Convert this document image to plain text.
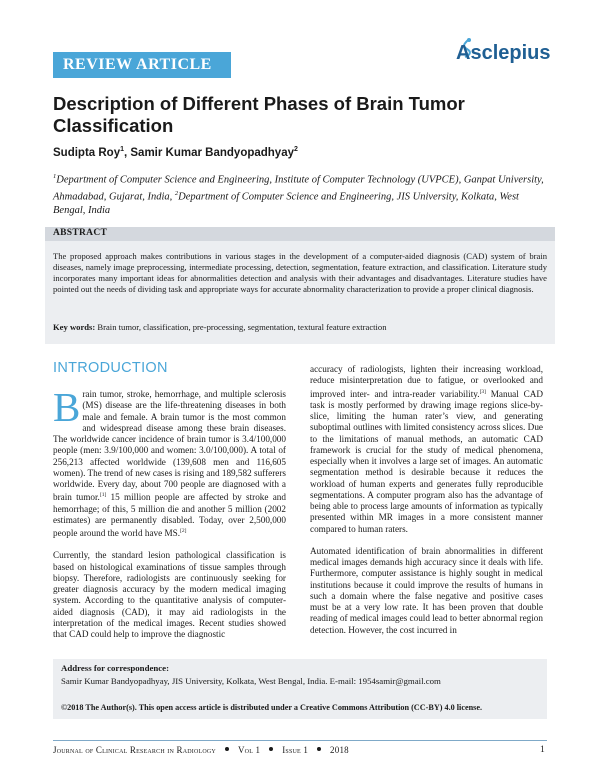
REVIEW ARTICLE
Asclepius
Description of Different Phases of Brain Tumor Classification
Sudipta Roy$^1$, Samir Kumar Bandyopadhyay$^2$
$^1$Department of Computer Science and Engineering, Institute of Computer Technology (UVPCE), Ganpat University, Ahmadabad, Gujarat, India, $^2$Department of Computer Science and Engineering, JIS University, Kolkata, West Bengal, India
ABSTRACT
The proposed approach makes contributions in various stages in the development of a computer-aided diagnosis (CAD) system of brain diseases, namely image preprocessing, intermediate processing, detection, segmentation, feature extraction, and classification. Literature study incorporates many important ideas for abnormalities detection and analysis with their advantages and disadvantages. Literature studies have pointed out the needs of dividing task and appropriate ways for accurate abnormality characterization to provide a proper clinical diagnosis.
Key words: Brain tumor, classification, pre-processing, segmentation, textural feature extraction
INTRODUCTION

Brain tumor, stroke, hemorrhage, and multiple sclerosis (MS) disease are the life-threatening diseases in both male and female. A brain tumor is the most common and widespread disease among these brain diseases. The worldwide cancer incidence of brain tumor is 3.4/100,000 people (men: 3.9/100,000 and women: 3.0/100,000). A total of 256,213 affected worldwide (139,608 men and 116,605 women). The trend of new cases is rising and 189,582 sufferers worldwide. Every day, about 700 people are diagnosed with a brain tumor.[1] 15 million people are affected by stroke and hemorrhage; of this, 5 million die and another 5 million (2002 estimates) are permanently disabled. Today, over 2,500,000 people around the world have MS.[2]

Currently, the standard lesion pathological classification is based on histological examinations of tissue samples through biopsy. Therefore, radiologists are continuously seeking for greater diagnosis accuracy by the modern medical imaging system. According to the quantitative analysis of computer-aided diagnosis (CAD), it may aid radiologists in the interpretation of the medical images. Recent studies showed that CAD could help to improve the diagnostic

accuracy of radiologists, lighten their increasing workload, reduce misinterpretation due to fatigue, or overlooked and improved inter- and intra-reader variability.[3] Manual CAD task is mostly performed by drawing image regions slice-by-slice, limiting the human rater’s view, and generating suboptimal outlines with limited consistency across slices. Due to the limitations of manual methods, an automatic CAD framework is crucial for the study of medical phenomena, especially when it involves a large set of images. An automatic segmentation method is desirable because it reduces the workload of human experts and generates fully reproducible segmentations. A computer program also has the advantage of being able to process large amounts of information as typically presented within MR images in a more consistent manner compared to human raters.

Automated identification of brain abnormalities in different medical images demands high accuracy since it deals with life. Furthermore, computer assistance is highly sought in medical institutions because it could improve the results of humans in such a domain where the false negative and positive cases must be at a very low rate. It has been proven that double reading of medical images could lead to better abnormal region detection. However, the cost incurred in

Address for correspondence:
Samir Kumar Bandyopadhyay, JIS University, Kolkata, West Bengal, India. E-mail: 1954samir@gmail.com
©2018 The Author(s). This open access article is distributed under a Creative Commons Attribution (CC-BY) 4.0 license.
Journal of Clinical Research in Radiology Vol 1 Issue 1 2018	1
